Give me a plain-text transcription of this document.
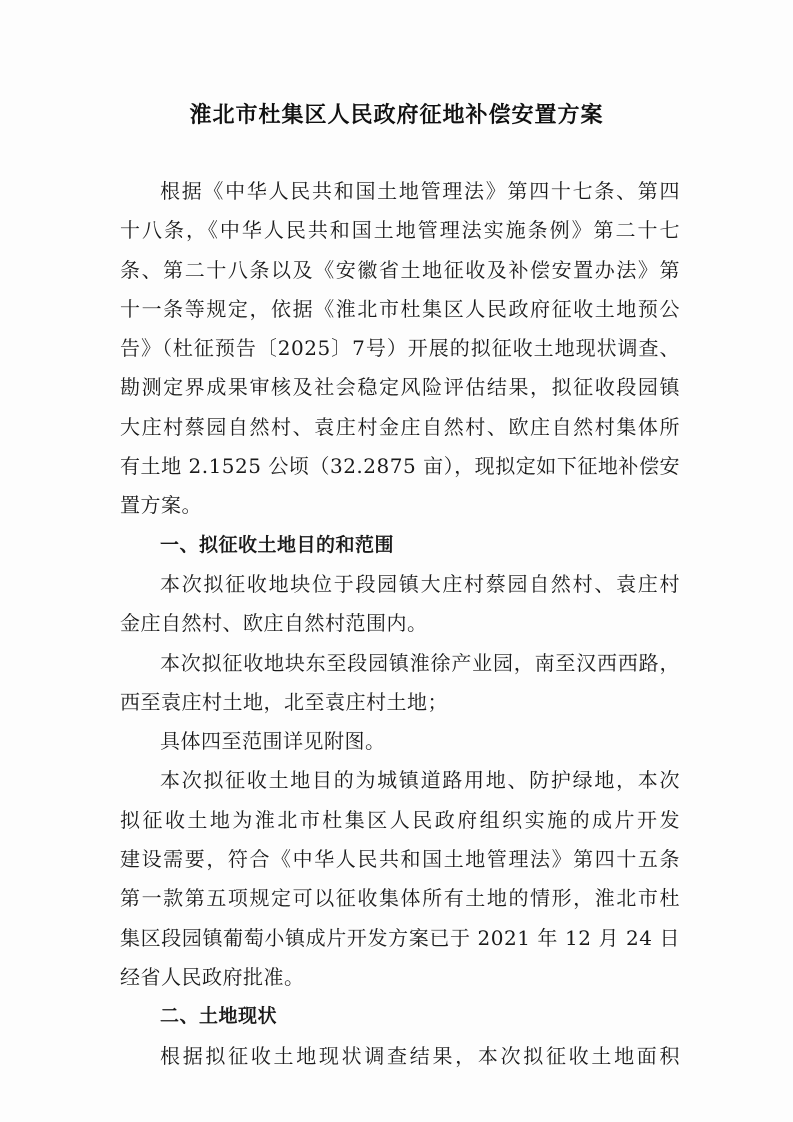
淮北市杜集区人民政府征地补偿安置方案
根据《中华人民共和国土地管理法》第四十七条、第四
十八条，《中华人民共和国土地管理法实施条例》第二十七
条、第二十八条以及《安徽省土地征收及补偿安置办法》第
十一条等规定，依据《淮北市杜集区人民政府征收土地预公
告》（杜征预告〔2025〕7号）开展的拟征收土地现状调查、
勘测定界成果审核及社会稳定风险评估结果，拟征收段园镇
大庄村蔡园自然村、袁庄村金庄自然村、欧庄自然村集体所
有土地 2.1525 公顷（32.2875 亩），现拟定如下征地补偿安
置方案。
一、拟征收土地目的和范围
本次拟征收地块位于段园镇大庄村蔡园自然村、袁庄村
金庄自然村、欧庄自然村范围内。
本次拟征收地块东至段园镇淮徐产业园，南至汉西西路，
西至袁庄村土地，北至袁庄村土地；
具体四至范围详见附图。
本次拟征收土地目的为城镇道路用地、防护绿地，本次
拟征收土地为淮北市杜集区人民政府组织实施的成片开发
建设需要，符合《中华人民共和国土地管理法》第四十五条
第一款第五项规定可以征收集体所有土地的情形，淮北市杜
集区段园镇葡萄小镇成片开发方案已于 2021 年 12 月 24 日
经省人民政府批准。
二、土地现状
根据拟征收土地现状调查结果，本次拟征收土地面积
